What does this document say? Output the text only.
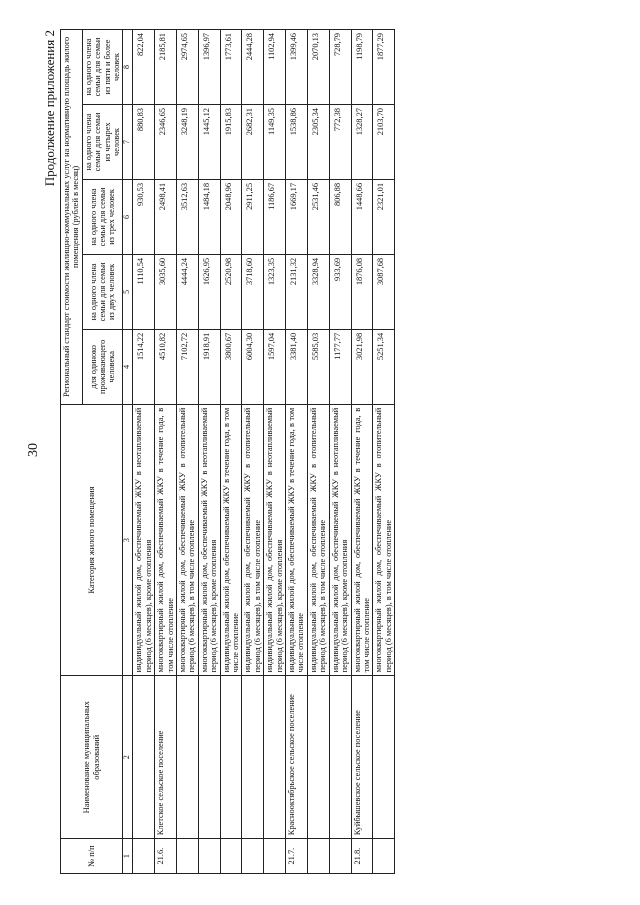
30
Продолжение приложения 2
№ п/п	Наименование муниципальных образований	Категория жилого помещения	Региональный стандарт стоимости жилищно-коммунальных услуг на нормативную площадь жилого помещения (рублей в месяц)				
			для одиноко проживающего человека	на одного члена семьи для семьи из двух человек	на одного члена семьи для семьи из трех человек	на одного члена семьи для семьи из четырех человек	на одного члена семьи для семьи из пяти и более человек
1	2	3	4	5	6	7	8
		индивидуальный жилой дом, обеспечиваемый ЖКУ в неотапливаемый период (6 месяцев), кроме отопления	1514,22	1110,54	930,53	880,83	822,04
21.6.	Клетское сельское поселение	многоквартирный жилой дом, обеспечиваемый ЖКУ в течение года, в том числе отопление	4510,82	3035,60	2498,41	2346,65	2185,81
		многоквартирный жилой дом, обеспечиваемый ЖКУ в отопительный период (6 месяцев), в том числе отопление	7102,72	4444,24	3512,63	3248,19	2974,65
		многоквартирный жилой дом, обеспечиваемый ЖКУ в неотапливаемый период (6 месяцев), кроме отопления	1918,91	1626,95	1484,18	1445,12	1396,97
		индивидуальный жилой дом, обеспечиваемый ЖКУ в течение года, в том числе отопление	3800,67	2520,98	2048,96	1915,83	1773,61
		индивидуальный жилой дом, обеспечиваемый ЖКУ в отопительный период (6 месяцев), в том числе отопление	6004,30	3718,60	2911,25	2682,31	2444,28
		индивидуальный жилой дом, обеспечиваемый ЖКУ в неотапливаемый период (6 месяцев), кроме отопления	1597,04	1323,35	1186,67	1149,35	1102,94
21.7.	Краснооктябрьское сельское поселение	индивидуальный жилой дом, обеспечиваемый ЖКУ в течение года, в том числе отопление	3381,40	2131,32	1669,17	1538,86	1399,46
		индивидуальный жилой дом, обеспечиваемый ЖКУ в отопительный период (6 месяцев), в том числе отопление	5585,03	3328,94	2531,46	2305,34	2070,13
		индивидуальный жилой дом, обеспечиваемый ЖКУ в неотапливаемый период (6 месяцев), кроме отопления	1177,77	933,69	806,88	772,38	728,79
21.8.	Куйбышевское сельское поселение	многоквартирный жилой дом, обеспечиваемый ЖКУ в течение года, в том числе отопление	3021,98	1876,08	1448,66	1328,27	1198,79
		многоквартирный жилой дом, обеспечиваемый ЖКУ в отопительный период (6 месяцев), в том числе отопление	5251,34	3087,68	2321,01	2103,70	1877,29
